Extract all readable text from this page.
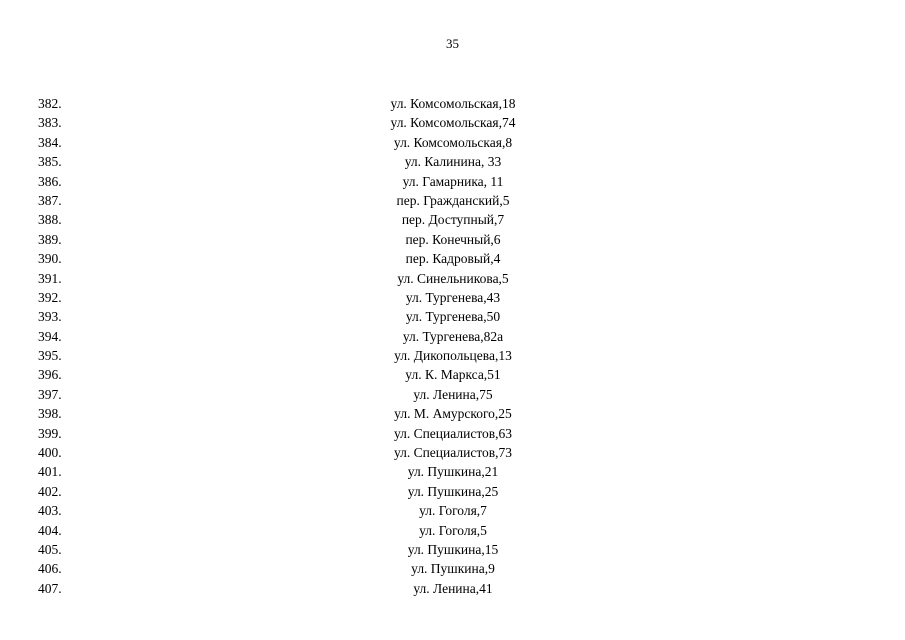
35
ул. Комсомольская,18
382.
ул. Комсомольская,74
383.
ул. Комсомольская,8
384.
ул. Калинина, 33
385.
ул. Гамарника, 11
386.
пер. Гражданский,5
387.
пер. Доступный,7
388.
пер. Конечный,6
389.
пер. Кадровый,4
390.
ул. Синельникова,5
391.
ул. Тургенева,43
392.
ул. Тургенева,50
393.
ул. Тургенева,82а
394.
ул. Дикопольцева,13
395.
ул. К. Маркса,51
396.
ул. Ленина,75
397.
ул. М. Амурского,25
398.
ул. Специалистов,63
399.
ул. Специалистов,73
400.
ул. Пушкина,21
401.
ул. Пушкина,25
402.
ул. Гоголя,7
403.
ул. Гоголя,5
404.
ул. Пушкина,15
405.
ул. Пушкина,9
406.
ул. Ленина,41
407.
